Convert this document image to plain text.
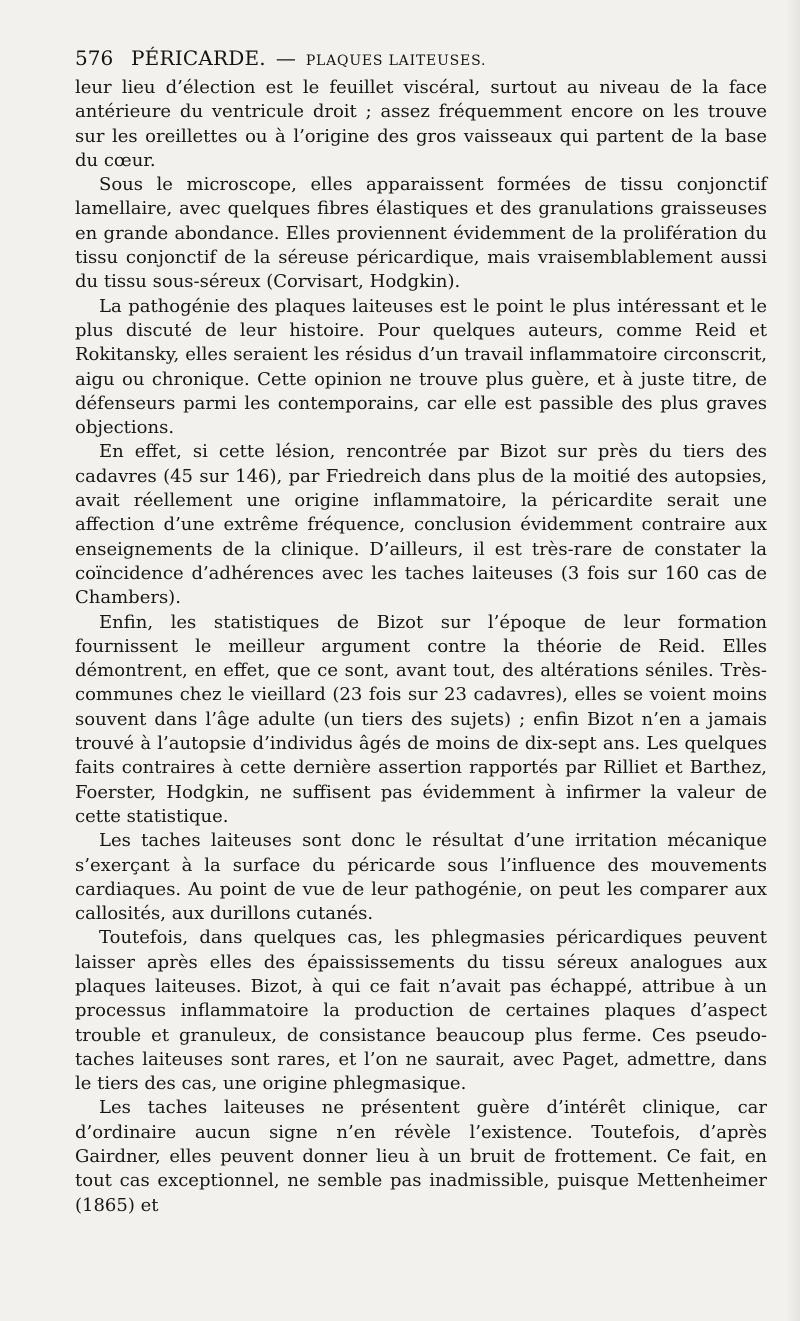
576 PÉRICARDE. — PLAQUES LAITEUSES.

leur lieu d’élection est le feuillet viscéral, surtout au niveau de la face antérieure du ventricule droit ; assez fréquemment encore on les trouve sur les oreillettes ou à l’origine des gros vaisseaux qui partent de la base du cœur.

Sous le microscope, elles apparaissent formées de tissu conjonctif lamellaire, avec quelques fibres élastiques et des granulations graisseuses en grande abondance. Elles proviennent évidemment de la prolifération du tissu conjonctif de la séreuse péricardique, mais vraisemblablement aussi du tissu sous-séreux (Corvisart, Hodgkin).

La pathogénie des plaques laiteuses est le point le plus intéressant et le plus discuté de leur histoire. Pour quelques auteurs, comme Reid et Rokitansky, elles seraient les résidus d’un travail inflammatoire circonscrit, aigu ou chronique. Cette opinion ne trouve plus guère, et à juste titre, de défenseurs parmi les contemporains, car elle est passible des plus graves objections.

En effet, si cette lésion, rencontrée par Bizot sur près du tiers des cadavres (45 sur 146), par Friedreich dans plus de la moitié des autopsies, avait réellement une origine inflammatoire, la péricardite serait une affection d’une extrême fréquence, conclusion évidemment contraire aux enseignements de la clinique. D’ailleurs, il est très-rare de constater la coïncidence d’adhérences avec les taches laiteuses (3 fois sur 160 cas de Chambers).

Enfin, les statistiques de Bizot sur l’époque de leur formation fournissent le meilleur argument contre la théorie de Reid. Elles démontrent, en effet, que ce sont, avant tout, des altérations séniles. Très-communes chez le vieillard (23 fois sur 23 cadavres), elles se voient moins souvent dans l’âge adulte (un tiers des sujets) ; enfin Bizot n’en a jamais trouvé à l’autopsie d’individus âgés de moins de dix-sept ans. Les quelques faits contraires à cette dernière assertion rapportés par Rilliet et Barthez, Foerster, Hodgkin, ne suffisent pas évidemment à infirmer la valeur de cette statistique.

Les taches laiteuses sont donc le résultat d’une irritation mécanique s’exerçant à la surface du péricarde sous l’influence des mouvements cardiaques. Au point de vue de leur pathogénie, on peut les comparer aux callosités, aux durillons cutanés.

Toutefois, dans quelques cas, les phlegmasies péricardiques peuvent laisser après elles des épaississements du tissu séreux analogues aux plaques laiteuses. Bizot, à qui ce fait n’avait pas échappé, attribue à un processus inflammatoire la production de certaines plaques d’aspect trouble et granuleux, de consistance beaucoup plus ferme. Ces pseudo-taches laiteuses sont rares, et l’on ne saurait, avec Paget, admettre, dans le tiers des cas, une origine phlegmasique.

Les taches laiteuses ne présentent guère d’intérêt clinique, car d’ordinaire aucun signe n’en révèle l’existence. Toutefois, d’après Gairdner, elles peuvent donner lieu à un bruit de frottement. Ce fait, en tout cas exceptionnel, ne semble pas inadmissible, puisque Mettenheimer (1865) et
